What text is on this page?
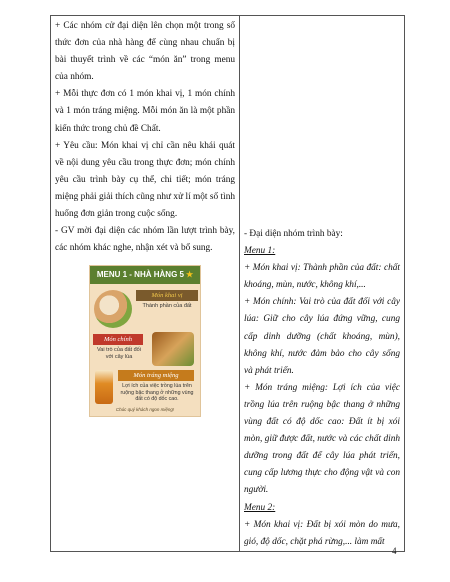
+ Các nhóm cử đại diện lên chọn một trong số thức đơn của nhà hàng để cùng nhau chuẩn bị bài thuyết trình về các “món ăn” trong menu của nhóm.

+ Mỗi thực đơn có 1 món khai vị, 1 món chính và 1 món tráng miệng. Mỗi món ăn là một phần kiến thức trong chủ đề Chất.

+ Yêu cầu: Món khai vị chỉ cần nêu khái quát về nội dung yêu cầu trong thực đơn; món chính yêu cầu trình bày cụ thể, chi tiết; món tráng miệng phải giải thích cũng như xử lí một số tình huống đơn giản trong cuộc sống.

- GV mời đại diện các nhóm lần lượt trình bày, các nhóm khác nghe, nhận xét và bổ sung.

MENU 1 - NHÀ HÀNG 5 ★
Món khai vị
Thành phần của đất
Món chính
Vai trò của đất đối với cây lúa
Món tráng miệng
Lợi ích của việc trồng lúa trên ruộng bậc thang ở những vùng đất có độ dốc cao.
Chúc quý khách ngon miệng!

- Đại diện nhóm trình bày:

Menu 1:

+ Món khai vị: Thành phần của đất: chất khoáng, mùn, nước, không khí,...

+ Món chính: Vai trò của đất đối với cây lúa: Giữ cho cây lúa đứng vững, cung cấp dinh dưỡng (chất khoáng, mùn), không khí, nước đảm bảo cho cây sống và phát triển.

+ Món tráng miệng: Lợi ích của việc trồng lúa trên ruộng bậc thang ở những vùng đất có độ dốc cao: Đất ít bị xói mòn, giữ được đất, nước và các chất dinh dưỡng trong đất để cây lúa phát triển, cung cấp lương thực cho động vật và con người.

Menu 2:

+ Món khai vị: Đất bị xói mòn do mưa, gió, độ dốc, chặt phá rừng,... làm mất

4
